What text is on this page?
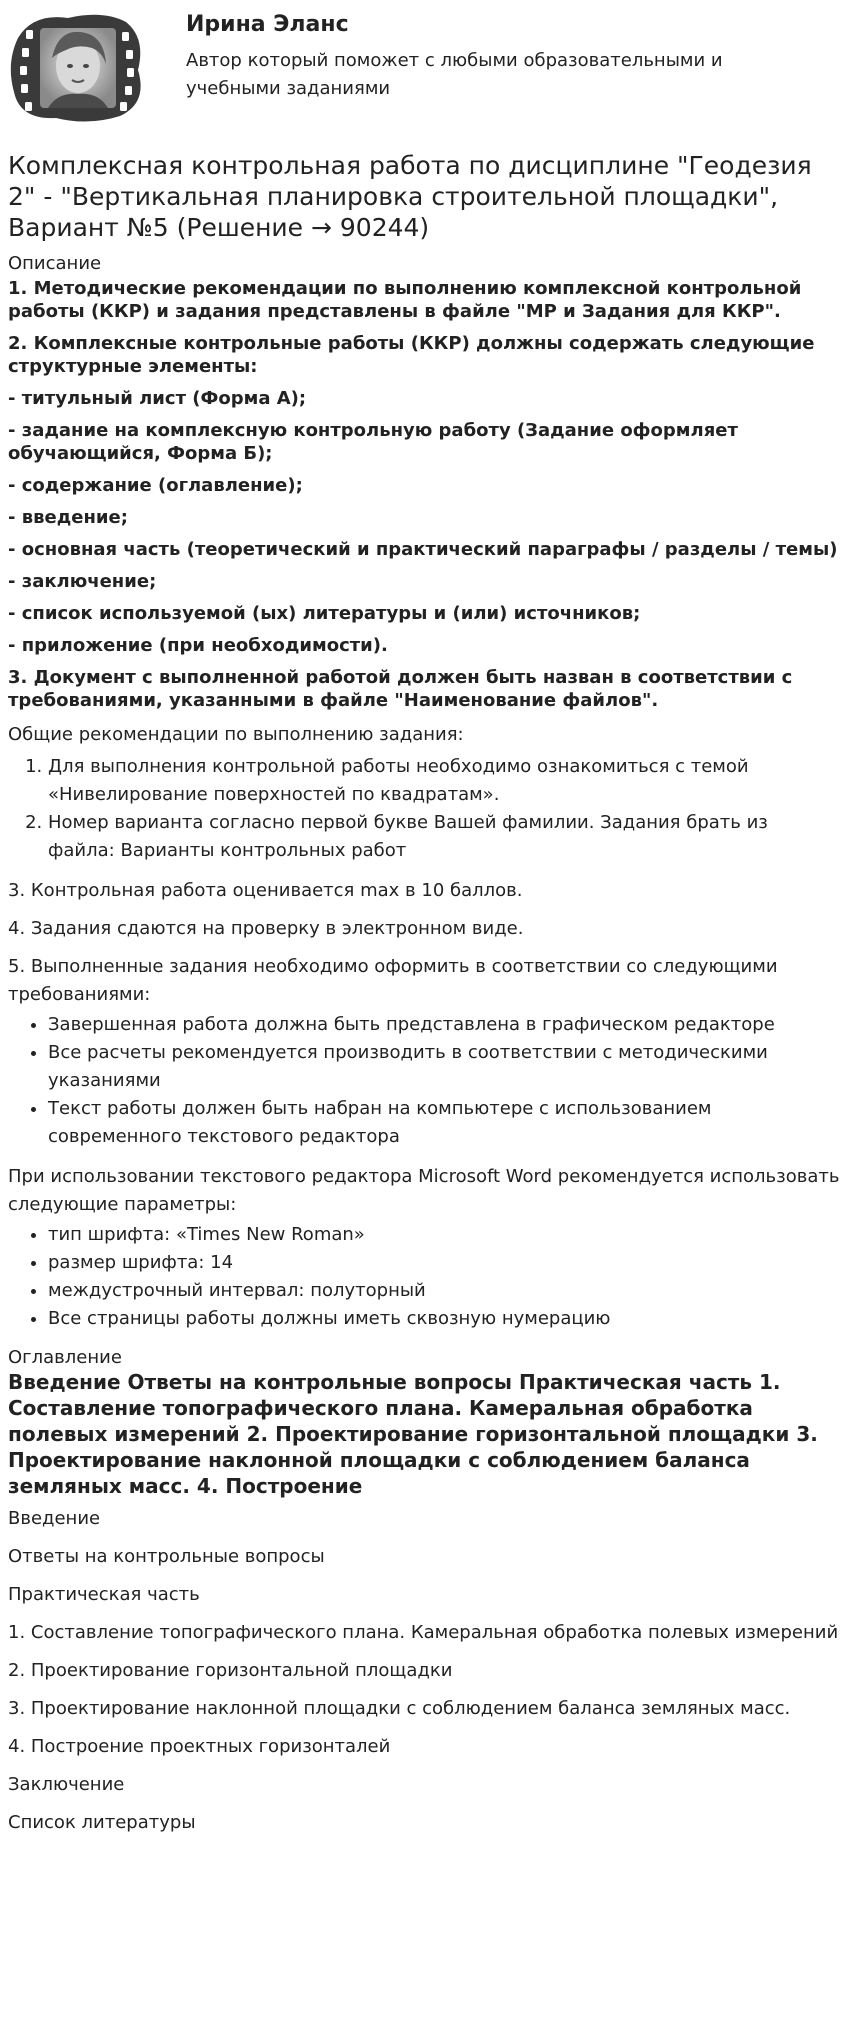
Ирина Эланс
Автор который поможет с любыми образовательными и учебными заданиями
Комплексная контрольная работа по дисциплине "Геодезия 2" - "Вертикальная планировка строительной площадки", Вариант №5 (Решение → 90244)
Описание

1. Методические рекомендации по выполнению комплексной контрольной работы (ККР) и задания представлены в файле "МР и Задания для ККР".

2. Комплексные контрольные работы (ККР) должны содержать следующие структурные элементы:

- титульный лист (Форма А);

- задание на комплексную контрольную работу (Задание оформляет обучающийся, Форма Б);

- содержание (оглавление);

- введение;

- основная часть (теоретический и практический параграфы / разделы / темы)

- заключение;

- список используемой (ых) литературы и (или) источников;

- приложение (при необходимости).

3. Документ с выполненной работой должен быть назван в соответствии с требованиями, указанными в файле "Наименование файлов".

Общие рекомендации по выполнению задания:

1. Для выполнения контрольной работы необходимо ознакомиться с темой «Нивелирование поверхностей по квадратам».
2. Номер варианта согласно первой букве Вашей фамилии. Задания брать из файла: Варианты контрольных работ

3. Контрольная работа оценивается max в 10 баллов.

4. Задания сдаются на проверку в электронном виде.

5. Выполненные задания необходимо оформить в соответствии со следующими требованиями:

• Завершенная работа должна быть представлена в графическом редакторе
• Все расчеты рекомендуется производить в соответствии с методическими указаниями
• Текст работы должен быть набран на компьютере с использованием современного текстового редактора

При использовании текстового редактора Microsoft Word рекомендуется использовать следующие параметры:

• тип шрифта: «Times New Roman»
• размер шрифта: 14
• междустрочный интервал: полуторный
• Все страницы работы должны иметь сквозную нумерацию
Оглавление

Введение Ответы на контрольные вопросы Практическая часть 1. Составление топографического плана. Камеральная обработка полевых измерений 2. Проектирование горизонтальной площадки 3. Проектирование наклонной площадки с соблюдением баланса земляных масс. 4. Построение

Введение

Ответы на контрольные вопросы

Практическая часть

1. Составление топографического плана. Камеральная обработка полевых измерений

2. Проектирование горизонтальной площадки

3. Проектирование наклонной площадки с соблюдением баланса земляных масс.

4. Построение проектных горизонталей

Заключение

Список литературы
